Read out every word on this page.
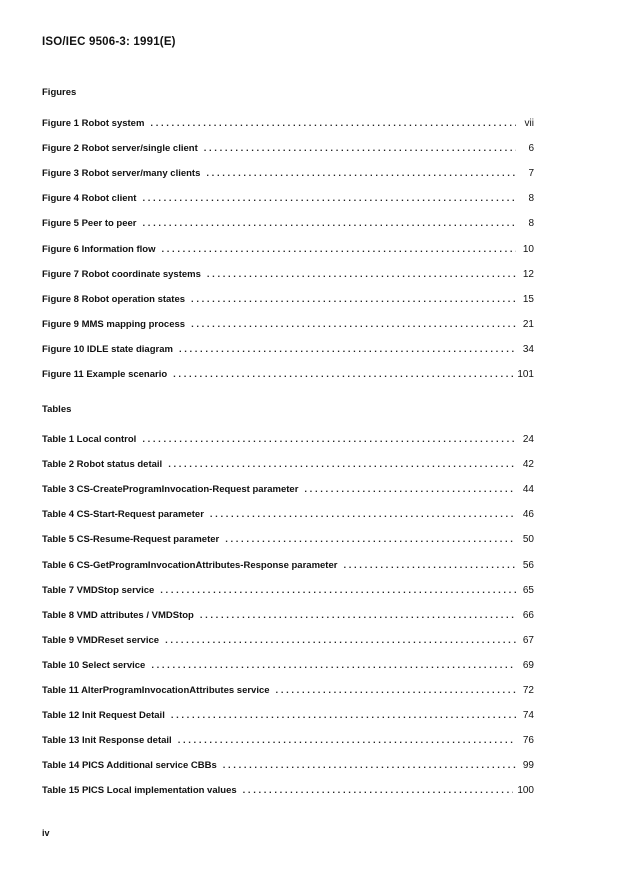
ISO/IEC 9506-3: 1991(E)
Figures
Figure 1 Robot system . . .	vii
Figure 2 Robot server/single client . . .	6
Figure 3 Robot server/many clients . . .	7
Figure 4 Robot client . . .	8
Figure 5 Peer to peer . . .	8
Figure 6 Information flow . . .	10
Figure 7 Robot coordinate systems . . .	12
Figure 8 Robot operation states . . .	15
Figure 9 MMS mapping process . . .	21
Figure 10 IDLE state diagram . . .	34
Figure 11 Example scenario . . .	101
Tables
Table 1 Local control . . .	24
Table 2 Robot status detail . . .	42
Table 3 CS-CreateProgramInvocation-Request parameter . . .	44
Table 4 CS-Start-Request parameter . . .	46
Table 5 CS-Resume-Request parameter . . .	50
Table 6 CS-GetProgramInvocationAttributes-Response parameter . . .	56
Table 7 VMDStop service . . .	65
Table 8 VMD attributes / VMDStop . . .	66
Table 9 VMDReset service . . .	67
Table 10 Select service . . .	69
Table 11 AlterProgramInvocationAttributes service . . .	72
Table 12 Init Request Detail . . .	74
Table 13 Init Response detail . . .	76
Table 14 PICS Additional service CBBs . . .	99
Table 15 PICS Local implementation values . . .	100
iv
